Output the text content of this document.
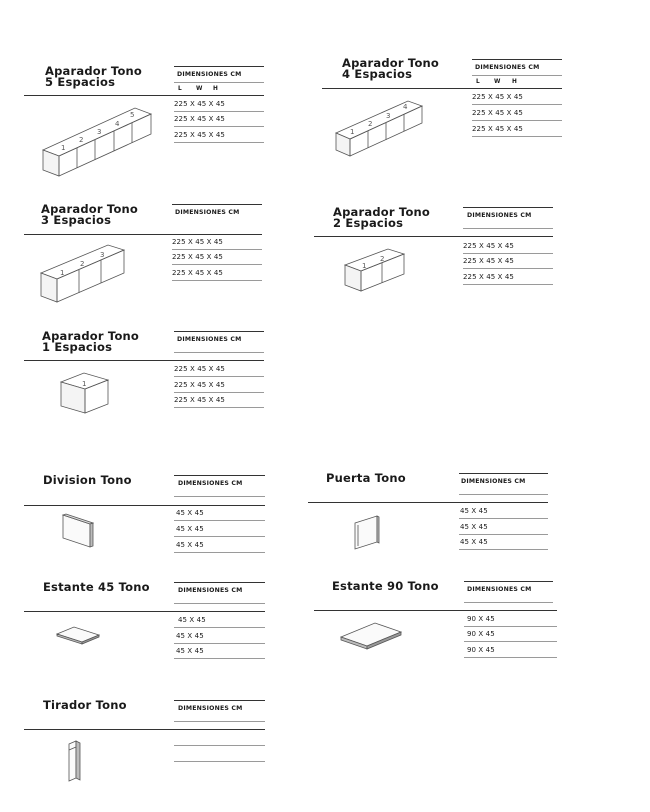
Aparador Tono
5 Espacios	DIMENSIONES CM
L W H
225 X 45 X 45
225 X 45 X 45
225 X 45 X 45
1
2
3
4
5
Aparador Tono
4 Espacios	DIMENSIONES CM
L W H
225 X 45 X 45
225 X 45 X 45
225 X 45 X 45
1
2
3
4
Aparador Tono
3 Espacios	DIMENSIONES CM
225 X 45 X 45
225 X 45 X 45
225 X 45 X 45
1
2
3
Aparador Tono
2 Espacios	DIMENSIONES CM
225 X 45 X 45
225 X 45 X 45
225 X 45 X 45
1
2
Aparador Tono
1 Espacios	DIMENSIONES CM
225 X 45 X 45
225 X 45 X 45
225 X 45 X 45
1
Division Tono	DIMENSIONES CM
45 X 45
45 X 45
45 X 45
Puerta Tono	DIMENSIONES CM
45 X 45
45 X 45
45 X 45
Estante 45 Tono	DIMENSIONES CM
45 X 45
45 X 45
45 X 45
Estante 90 Tono	DIMENSIONES CM
90 X 45
90 X 45
90 X 45
Tirador Tono	DIMENSIONES CM
